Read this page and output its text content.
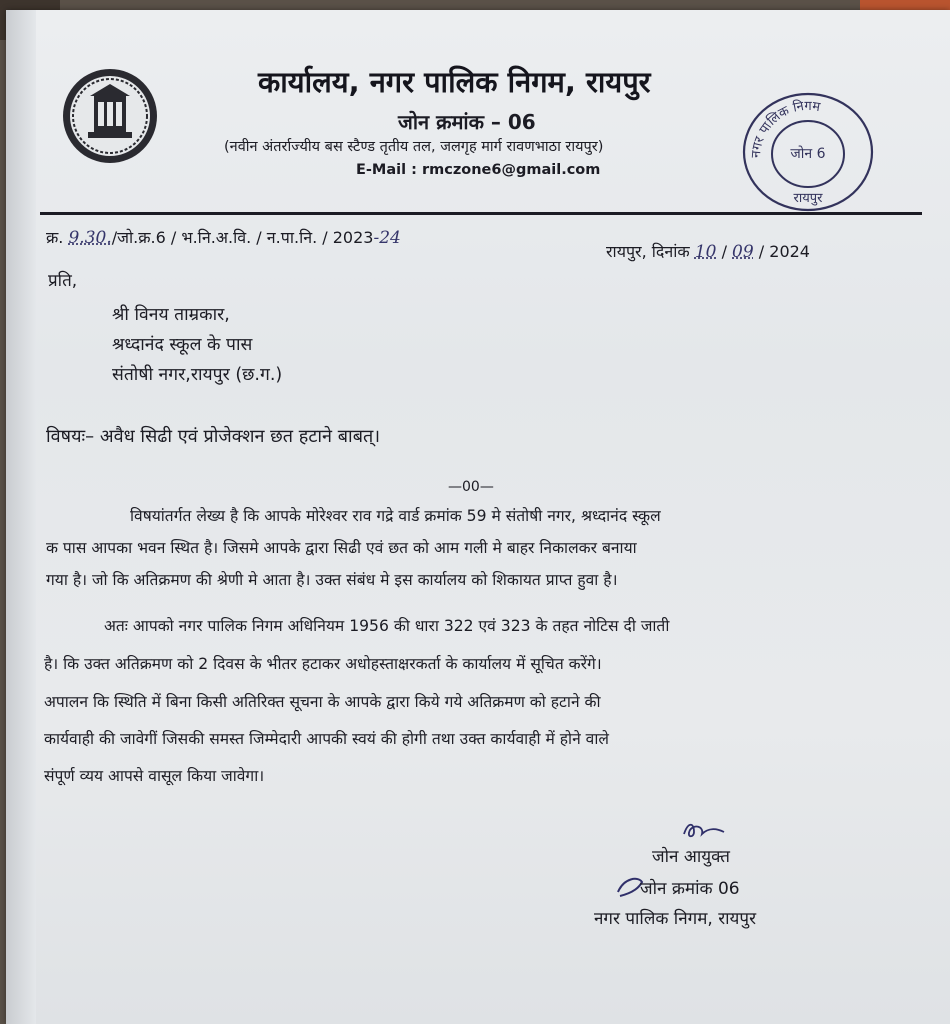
कार्यालय, नगर पालिक निगम, रायपुर
जोन क्रमांक – 06
(नवीन अंतर्राज्यीय बस स्टैण्ड तृतीय तल, जलगृह मार्ग रावणभाठा रायपुर)
E-Mail : rmczone6@gmail.com
नगर पालिक निगम
जोन 6
रायपुर
क्र. 9.30./जो.क्र.6 / भ.नि.अ.वि. / न.पा.नि. / 2023-24
रायपुर, दिनांक 10 / 09 / 2024
प्रति,
श्री विनय ताम्रकार,
श्रध्दानंद स्कूल के पास
संतोषी नगर,रायपुर (छ.ग.)
विषयः– अवैध सिढी एवं प्रोजेक्शन छत हटाने बाबत्।
—00—
विषयांतर्गत लेख्य है कि आपके मोरेश्वर राव गद्रे वार्ड क्रमांक 59 मे संतोषी नगर, श्रध्दानंद स्कूल
क पास आपका भवन स्थित है। जिसमे आपके द्वारा सिढी एवं छत को आम गली मे बाहर निकालकर बनाया
गया है। जो कि अतिक्रमण की श्रेणी मे आता है। उक्त संबंध मे इस कार्यालय को शिकायत प्राप्त हुवा है।
अतः आपको नगर पालिक निगम अधिनियम 1956 की धारा 322 एवं 323 के तहत नोटिस दी जाती
है। कि उक्त अतिक्रमण को 2 दिवस के भीतर हटाकर अधोहस्ताक्षरकर्ता के कार्यालय में सूचित करेंगे।
अपालन कि स्थिति में बिना किसी अतिरिक्त सूचना के आपके द्वारा किये गये अतिक्रमण को हटाने की
कार्यवाही की जावेगीं जिसकी समस्त जिम्मेदारी आपकी स्वयं की होगी तथा उक्त कार्यवाही में होने वाले
संपूर्ण व्यय आपसे वासूल किया जावेगा।
जोन आयुक्त
जोन क्रमांक 06
नगर पालिक निगम, रायपुर
